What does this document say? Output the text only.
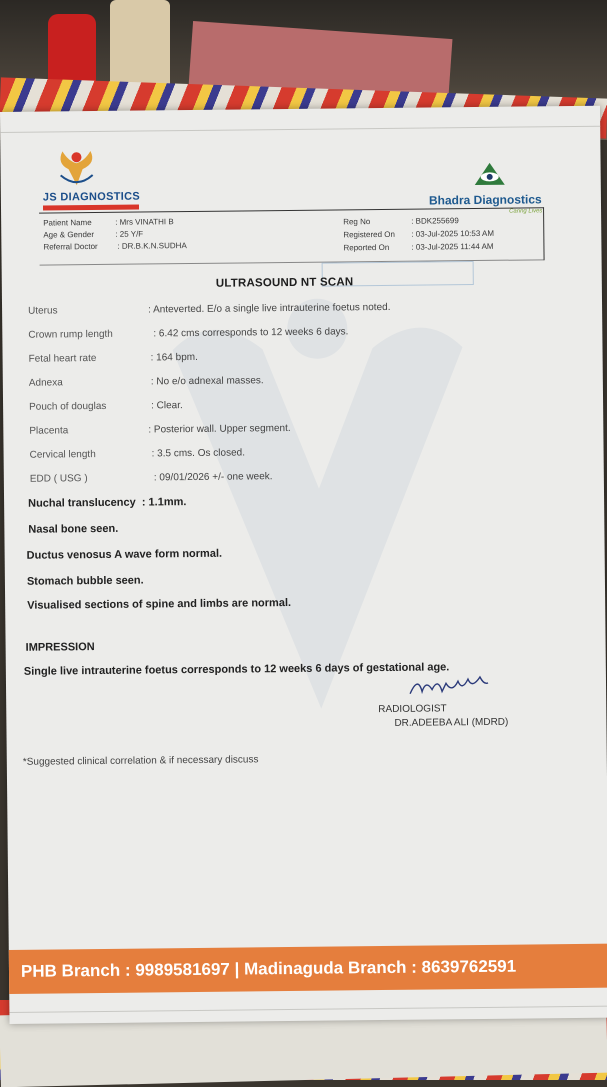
JS DIAGNOSTICS	Bhadra Diagnostics
Caring Lives
Patient Name	: Mrs VINATHI B
Age & Gender	: 25 Y/F
Referral Doctor : DR.B.K.N.SUDHA
Reg No	: BDK255699
Registered On : 03-Jul-2025 10:53 AM
Reported On	: 03-Jul-2025 11:44 AM
ULTRASOUND NT SCAN
Uterus	: Anteverted. E/o a single live intrauterine foetus noted.
Crown rump length	: 6.42 cms corresponds to 12 weeks 6 days.
Fetal heart rate	: 164 bpm.
Adnexa	: No e/o adnexal masses.
Pouch of douglas	: Clear.
Placenta	: Posterior wall. Upper segment.
Cervical length	: 3.5 cms. Os closed.
EDD ( USG )	: 09/01/2026 +/- one week.
Nuchal translucency  : 1.1mm.
Nasal bone seen.
Ductus venosus A wave form normal.
Stomach bubble seen.
Visualised sections of spine and limbs are normal.
IMPRESSION
Single live intrauterine foetus corresponds to 12 weeks 6 days of gestational age.
RADIOLOGIST
DR.ADEEBA ALI (MDRD)
*Suggested clinical correlation & if necessary discuss
PHB Branch : 9989581697 | Madinaguda Branch : 8639762591
